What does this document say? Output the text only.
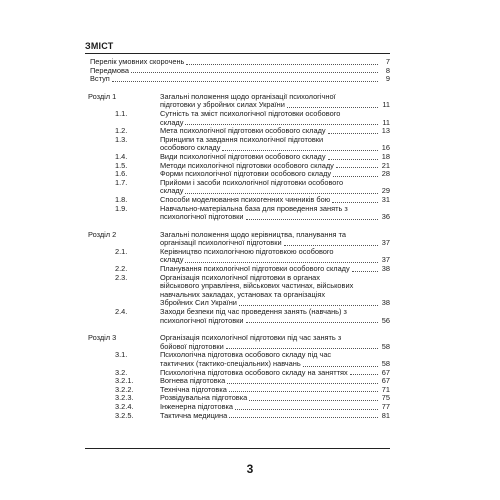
ЗМІСТ
Перелік умовних скорочень	7
Передмова	8
Вступ	9
Розділ 1	Загальні положення щодо організації психологічної
підготовки у збройних силах України	11
1.1.	Сутність та зміст психологічної підготовки особового
складу	11
1.2.	Мета психологічної підготовки особового складу	13
1.3.	Принципи та завдання психологічної підготовки
особового складу	16
1.4.	Види психологічної підготовки особового складу	18
1.5.	Методи психологічної підготовки особового складу	21
1.6.	Форми психологічної підготовки особового складу	28
1.7.	Прийоми і засоби психологічної підготовки особового
складу	29
1.8.	Способи моделювання психогенних чинників бою	31
1.9.	Навчально-матеріальна база для проведення занять з
психологічної підготовки	36
Розділ 2	Загальні положення щодо керівництва, планування та
організації психологічної підготовки	37
2.1.	Керівництво психологічною підготовкою особового
складу	37
2.2.	Планування психологічної підготовки особового складу	38
2.3.	Організація психологічної підготовки в органах
військового управління, військових частинах, військових
навчальних закладах, установах та організаціях
Збройних Сил України	38
2.4.	Заходи безпеки під час проведення занять (навчань) з
психологічної підготовки	56
Розділ 3	Організація психологічної підготовки під час занять з
бойової підготовки	58
3.1.	Психологічна підготовка особового складу під час
тактичних (тактико-спеціальних) навчань	58
3.2.	Психологічна підготовка особового складу на заняттях	67
3.2.1.	Вогнева підготовка	67
3.2.2.	Технічна підготовка	71
3.2.3.	Розвідувальна підготовка	75
3.2.4.	Інженерна підготовка	77
3.2.5.	Тактична медицина	81
3
